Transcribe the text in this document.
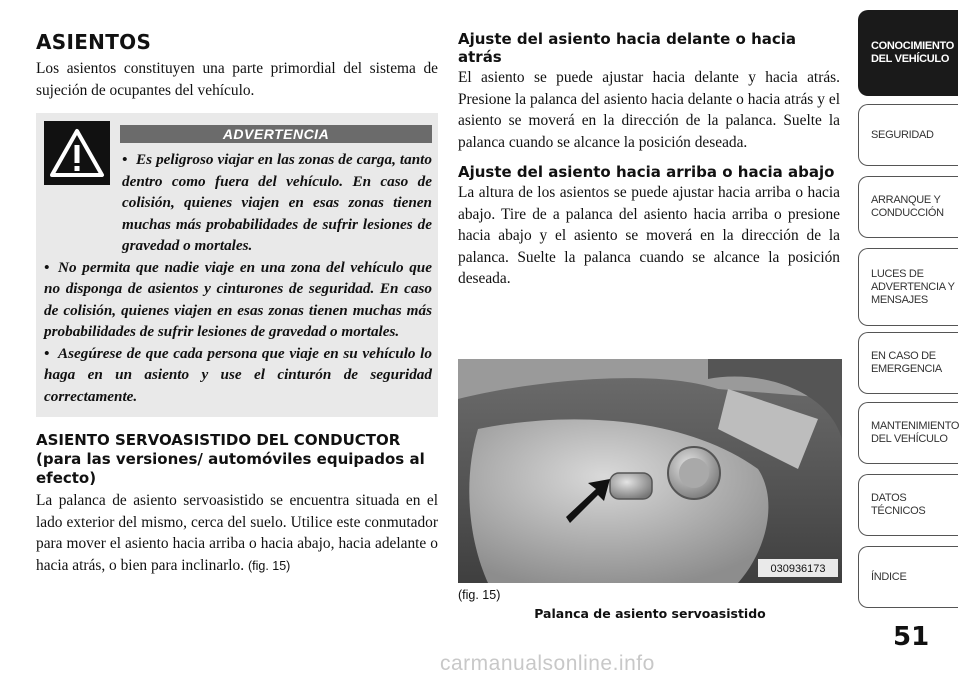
ASIENTOS

Los asientos constituyen una parte primordial del sistema de sujeción de ocupantes del vehículo.

ADVERTENCIA
• Es peligroso viajar en las zonas de carga, tanto dentro como fuera del vehículo. En caso de colisión, quienes viajen en esas zonas tienen muchas más probabilidades de sufrir lesiones de gravedad o mortales.
• No permita que nadie viaje en una zona del vehículo que no disponga de asientos y cinturones de seguridad. En caso de colisión, quienes viajen en esas zonas tienen muchas más probabilidades de sufrir lesiones de gravedad o mortales.
• Asegúrese de que cada persona que viaje en su vehículo lo haga en un asiento y use el cinturón de seguridad correctamente.
ASIENTO SERVOASISTIDO DEL CONDUCTOR (para las versiones/ automóviles equipados al efecto)

La palanca de asiento servoasistido se encuentra situada en el lado exterior del mismo, cerca del suelo. Utilice este conmutador para mover el asiento hacia arriba o hacia abajo, hacia adelante o hacia atrás, o bien para inclinarlo. (fig. 15)

Ajuste del asiento hacia delante o hacia atrás

El asiento se puede ajustar hacia delante y hacia atrás. Presione la palanca del asiento hacia delante o hacia atrás y el asiento se moverá en la dirección de la palanca. Suelte la palanca cuando se alcance la posición deseada.

Ajuste del asiento hacia arriba o hacia abajo

La altura de los asientos se puede ajustar hacia arriba o hacia abajo. Tire de a palanca del asiento hacia arriba o presione hacia abajo y el asiento se moverá en la dirección de la palanca. Suelte la palanca cuando se alcance la posición deseada.

030936173
(fig. 15)
Palanca de asiento servoasistido
CONOCIMIENTO
DEL VEHÍCULO
SEGURIDAD
ARRANQUE Y
CONDUCCIÓN
LUCES DE
ADVERTENCIA Y
MENSAJES
EN CASO DE
EMERGENCIA
MANTENIMIENTO
DEL VEHÍCULO
DATOS
TÉCNICOS
ÍNDICE
51
carmanualsonline.info
